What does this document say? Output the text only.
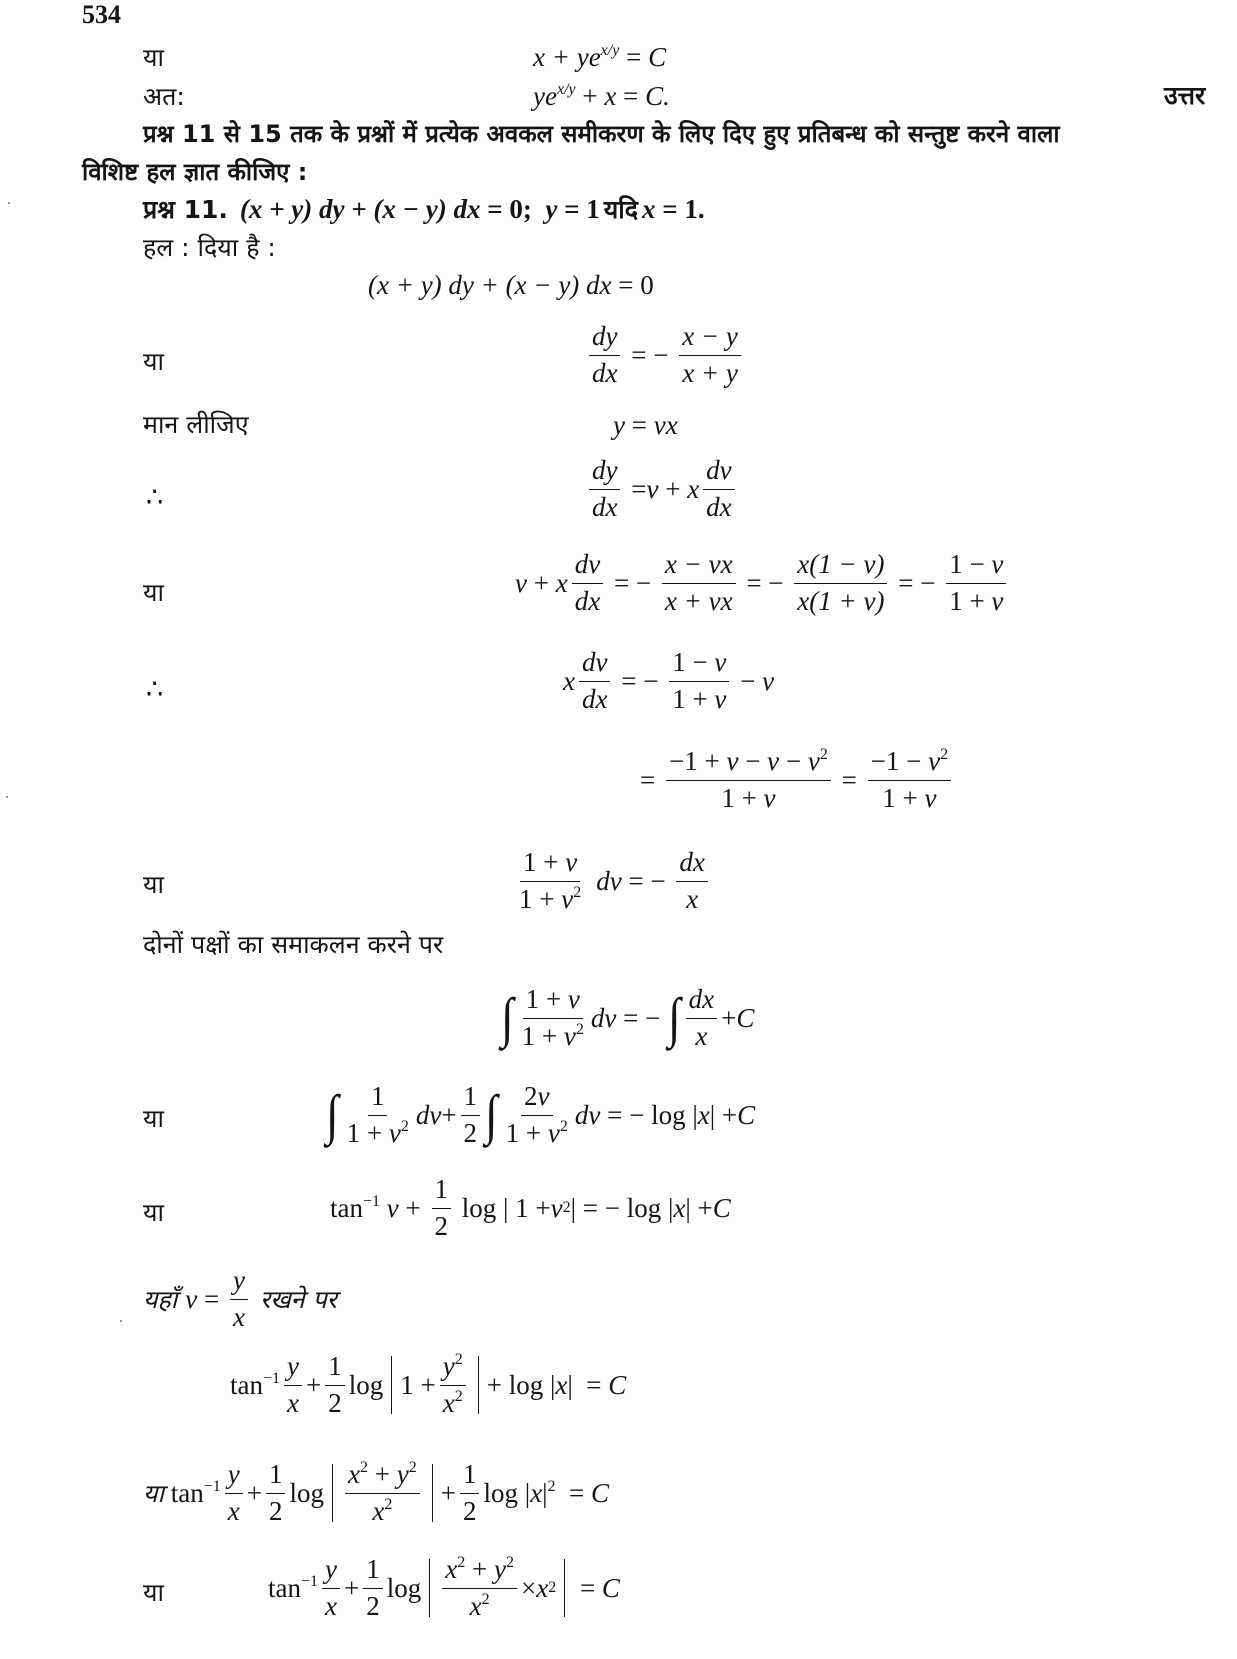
534
या	$x + ye^{x/y} = C$
अत:	$ye^{x/y} + x = C$.	उत्तर
प्रश्न 11 से 15 तक के प्रश्नों में प्रत्येक अवकल समीकरण के लिए दिए हुए प्रतिबन्ध को सन्तुष्ट करने वाला
विशिष्ट हल ज्ञात कीजिए :
प्रश्न 11. (x + y) dy + (x − y) dx = 0;  y = 1 यदि x = 1.
हल : दिया है :
(x + y) dy + (x − y) dx = 0
या	$\frac{dy}{dx}$ = − $\frac{x - y}{x + y}$
मान लीजिए	y = vx
∴	$\frac{dy}{dx} = v + x \frac{dv}{dx}$
या	v + x $\frac{dv}{dx}$ = − $\frac{x - vx}{x + vx}$ = − $\frac{x(1 - v)}{x(1 + v)}$ = − $\frac{1 - v}{1 + v}$
∴	x $\frac{dv}{dx}$ = − $\frac{1 - v}{1 + v} - v$
= $\frac{-1 + v - v - v^2}{1 + v} = \frac{-1 - v^2}{1 + v}$
या	$\frac{1 + v}{1 + v^2}$ dv = − $\frac{dx}{x}$
दोनों पक्षों का समाकलन करने पर
∫ $\frac{1 + v}{1 + v^2}$ dv = − ∫ $\frac{dx}{x} + C$
या	∫ $\frac{1}{1 + v^2}$ dv + $\frac{1}{2}$ ∫ $\frac{2v}{1 + v^2}$ dv = − log | x | + C
या	$\tan^{-1} v + \frac{1}{2}$ log | 1 + v 2 | = − log | x | + C
यहाँ $v = \frac{y}{x}$ रखने पर
$\tan^{-1} \frac{y}{x} + \frac{1}{2}$ $\log 1 + \frac{y^2}{x^2} + \log$ | x |  = C
या $\tan^{-1} \frac{y}{x} + \frac{1}{2}$ $\log \frac{x^2 + y^2}{x^2} + \frac{1}{2}$ log | x $|^2 = C$
या	$\tan^{-1} \frac{y}{x} + \frac{1}{2}$ $\log \frac{x^2 + y^2}{x^2} \times x$ 2 = C
